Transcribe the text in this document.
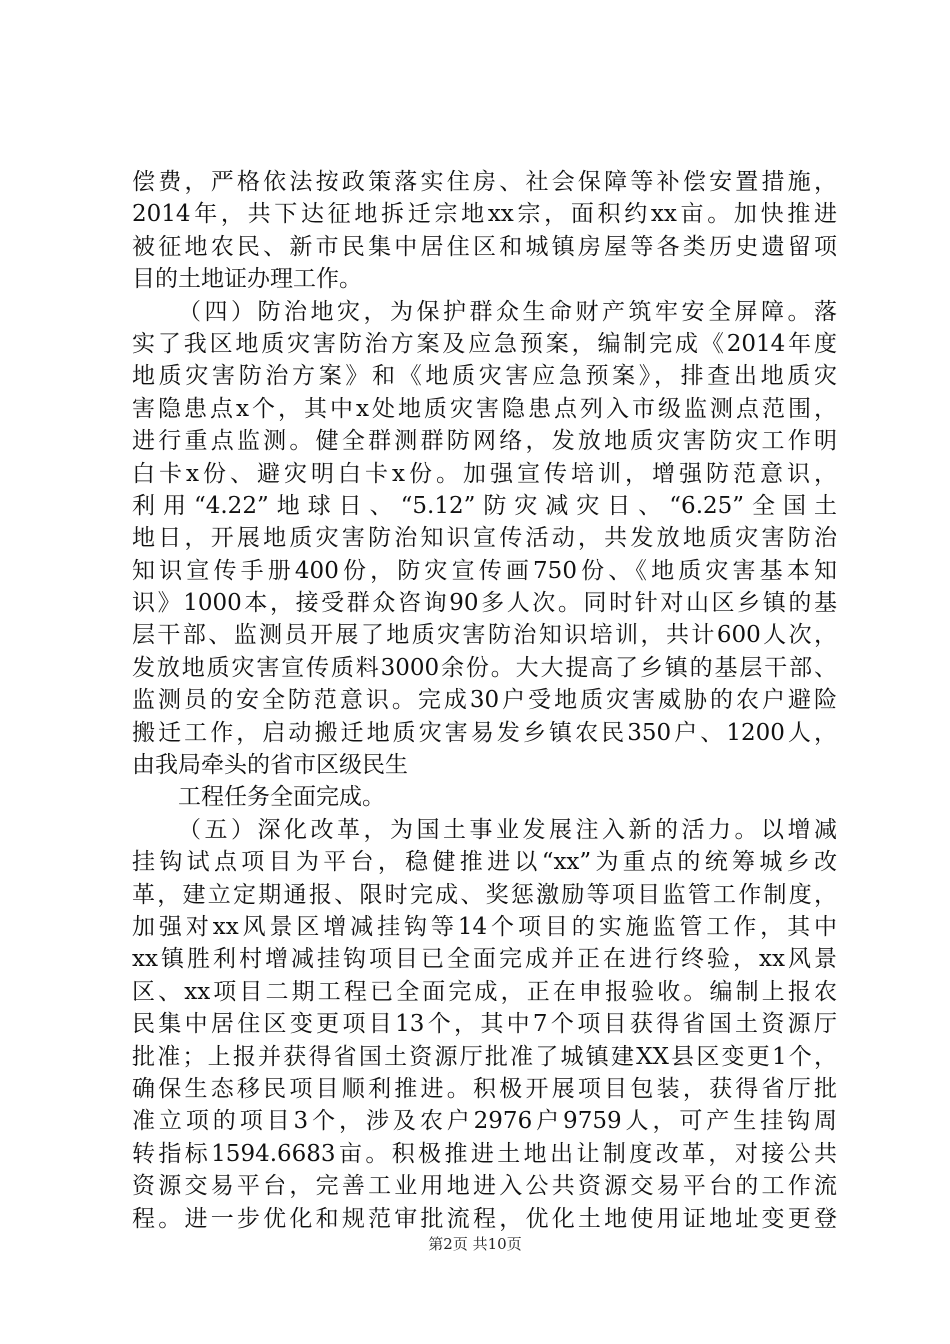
偿费，严格依法按政策落实住房、社会保障等补偿安置措施，
2014年，共下达征地拆迁宗地xx宗，面积约xx亩。加快推进
被征地农民、新市民集中居住区和城镇房屋等各类历史遗留项
目的土地证办理工作。
（四）防治地灾，为保护群众生命财产筑牢安全屏障。落
实了我区地质灾害防治方案及应急预案，编制完成《2014年度
地质灾害防治方案》和《地质灾害应急预案》，排查出地质灾
害隐患点x个，其中x处地质灾害隐患点列入市级监测点范围，
进行重点监测。健全群测群防网络，发放地质灾害防灾工作明
白卡x份、避灾明白卡x份。加强宣传培训，增强防范意识，
利用“4.22”地球日、“5.12”防灾减灾日、“6.25”全国土
地日，开展地质灾害防治知识宣传活动，共发放地质灾害防治
知识宣传手册400份，防灾宣传画750份、《地质灾害基本知
识》1000本，接受群众咨询90多人次。同时针对山区乡镇的基
层干部、监测员开展了地质灾害防治知识培训，共计600人次，
发放地质灾害宣传质料3000余份。大大提高了乡镇的基层干部、
监测员的安全防范意识。完成30户受地质灾害威胁的农户避险
搬迁工作，启动搬迁地质灾害易发乡镇农民350户、1200人，
由我局牵头的省市区级民生
工程任务全面完成。
（五）深化改革，为国土事业发展注入新的活力。以增减
挂钩试点项目为平台，稳健推进以“xx”为重点的统筹城乡改
革，建立定期通报、限时完成、奖惩激励等项目监管工作制度，
加强对xx风景区增减挂钩等14个项目的实施监管工作，其中
xx镇胜利村增减挂钩项目已全面完成并正在进行终验，xx风景
区、xx项目二期工程已全面完成，正在申报验收。编制上报农
民集中居住区变更项目13个，其中7个项目获得省国土资源厅
批准；上报并获得省国土资源厅批准了城镇建XX县区变更1个，
确保生态移民项目顺利推进。积极开展项目包装，获得省厅批
准立项的项目3个，涉及农户2976户9759人，可产生挂钩周
转指标1594.6683亩。积极推进土地出让制度改革，对接公共
资源交易平台，完善工业用地进入公共资源交易平台的工作流
程。进一步优化和规范审批流程，优化土地使用证地址变更登
第2页 共10页
